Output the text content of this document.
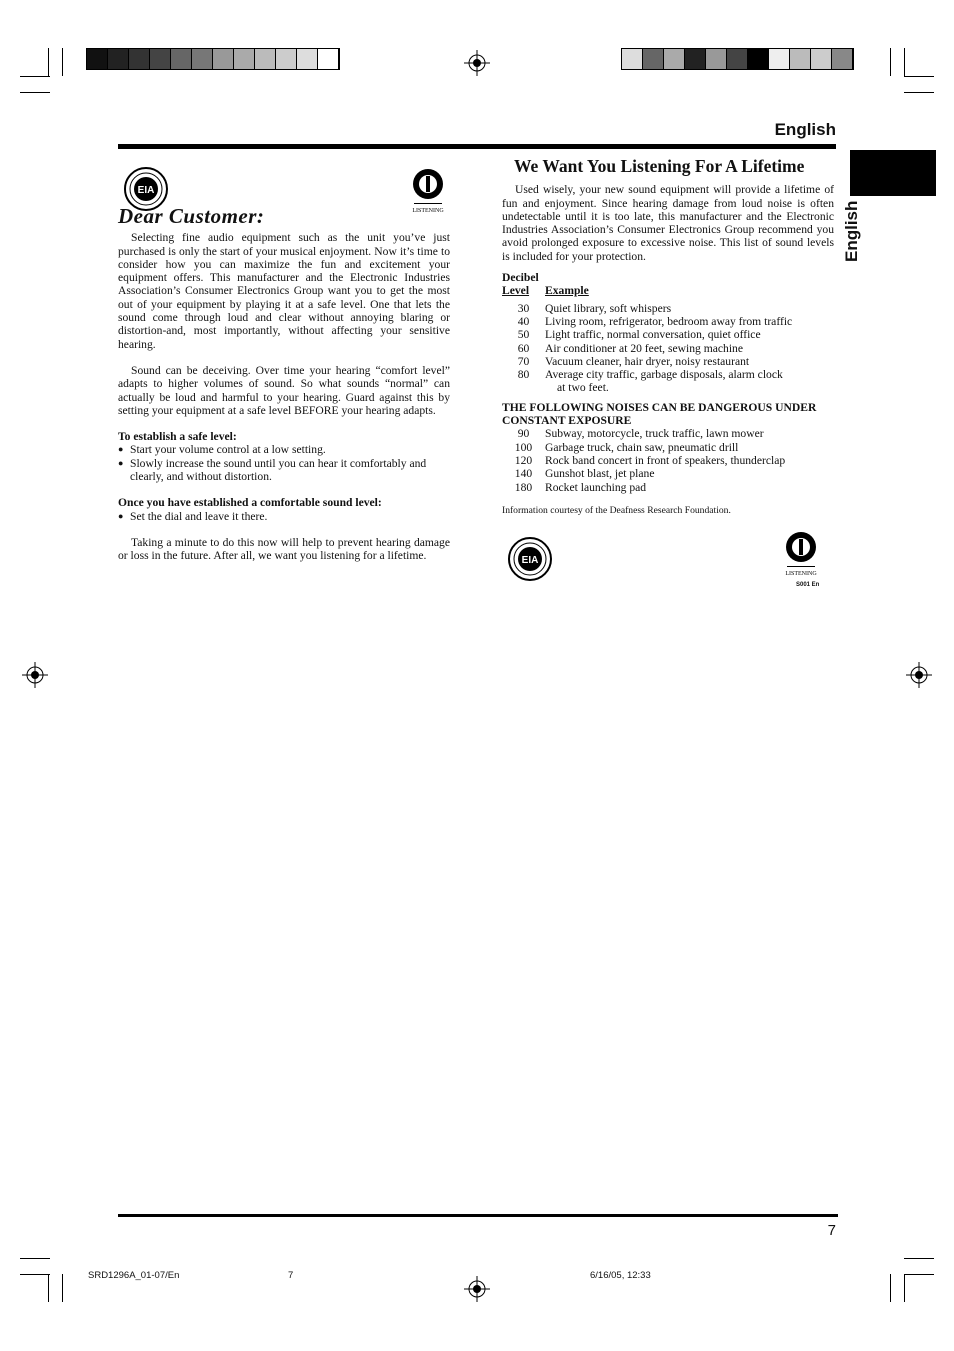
English
English
EIA
LISTENING
Dear Customer:

Selecting fine audio equipment such as the unit you’ve just purchased is only the start of your musical enjoyment. Now it’s time to consider how you can maximize the fun and excitement your equipment offers. This manufacturer and the Electronic Industries Association’s Consumer Electronics Group want you to get the most out of your equipment by playing it at a safe level. One that lets the sound come through loud and clear without annoying blaring or distortion-and, most importantly, without affecting your sensitive hearing.

Sound can be deceiving. Over time your hearing “comfort level” adapts to higher volumes of sound. So what sounds “normal” can actually be loud and harmful to your hearing. Guard against this by setting your equipment at a safe level BEFORE your hearing adapts.

To establish a safe level:
● Start your volume control at a low setting.
● Slowly increase the sound until you can hear it comfortably and clearly, and without distortion.
Once you have established a comfortable sound level:
● Set the dial and leave it there.

Taking a minute to do this now will help to prevent hearing damage or loss in the future. After all, we want you listening for a lifetime.

We Want You Listening For A Lifetime

Used wisely, your new sound equipment will provide a lifetime of fun and enjoyment. Since hearing damage from loud noise is often undetectable until it is too late, this manufacturer and the Electronic Industries Association’s Consumer Electronics Group recommend you avoid prolonged exposure to excessive noise. This list of sound levels is included for your protection.

Decibel
Level	Example

30	Quiet library, soft whispers
40	Living room, refrigerator, bedroom away from traffic
50	Light traffic, normal conversation, quiet office
60	Air conditioner at 20 feet, sewing machine
70	Vacuum cleaner, hair dryer, noisy restaurant
80	Average city traffic, garbage disposals, alarm clock
	at two feet.
THE FOLLOWING NOISES CAN BE DANGEROUS UNDER CONSTANT EXPOSURE
90	Subway, motorcycle, truck traffic, lawn mower
100	Garbage truck, chain saw, pneumatic drill
120	Rock band concert in front of speakers, thunderclap
140	Gunshot blast, jet plane
180	Rocket launching pad
Information courtesy of the Deafness Research Foundation.
EIA
LISTENING
S001 En
7
SRD1296A_01-07/En	7	6/16/05, 12:33
